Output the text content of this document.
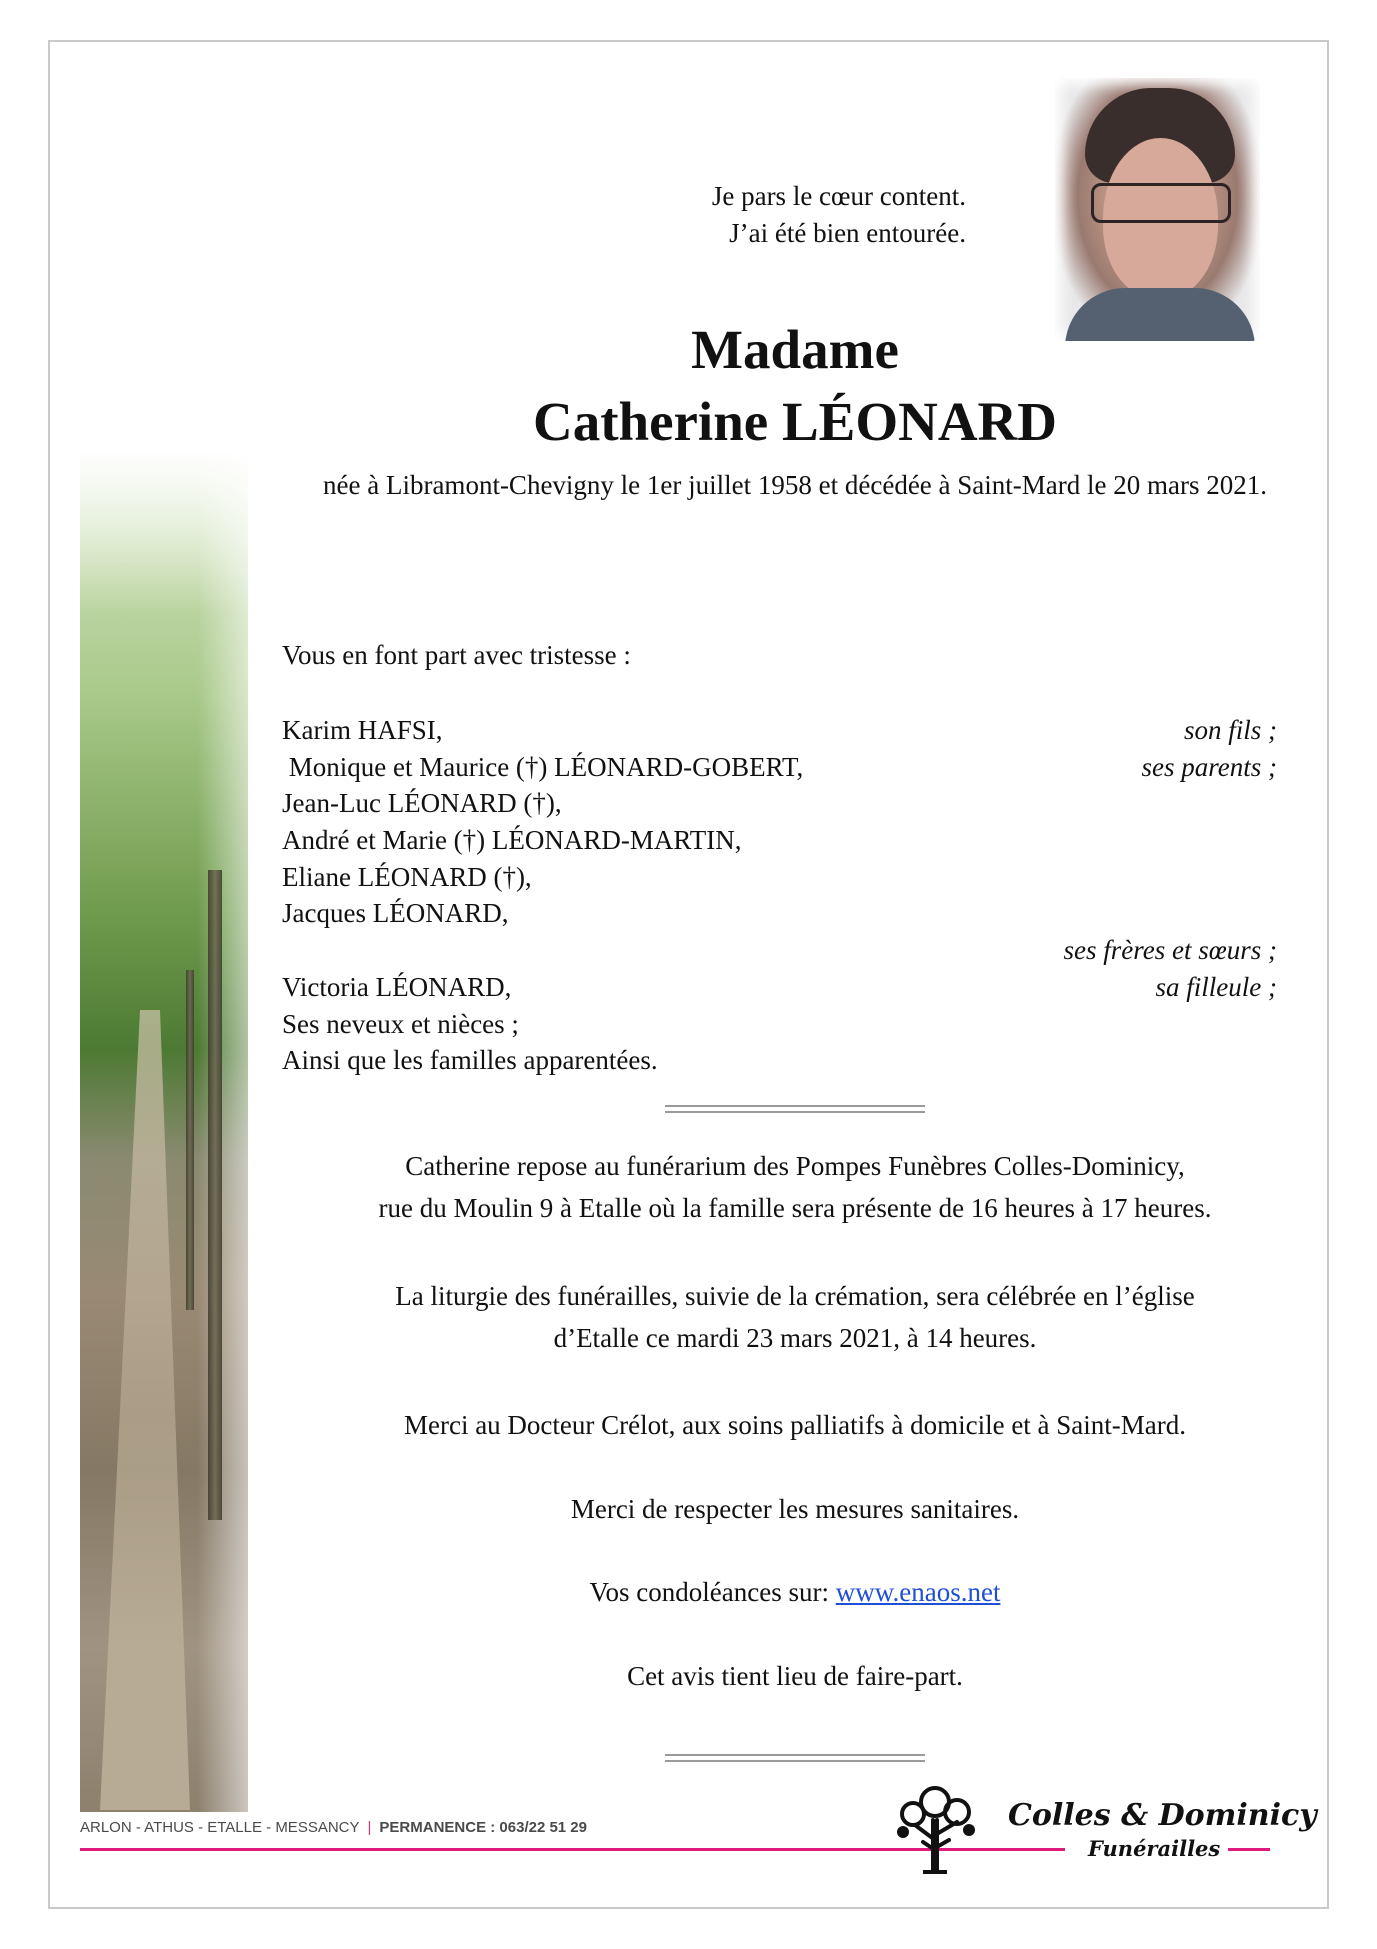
Je pars le cœur content.
J’ai été bien entourée.
Madame
Catherine LÉONARD
née à Libramont-Chevigny le 1er juillet 1958 et décédée à Saint-Mard le 20 mars 2021.
Vous en font part avec tristesse :
Karim HAFSI,	son fils ;
Monique et Maurice (†) LÉONARD-GOBERT,	ses parents ;
Jean-Luc LÉONARD (†),
André et Marie (†) LÉONARD-MARTIN,
Eliane LÉONARD (†),
Jacques LÉONARD,
ses frères et sœurs ;
Victoria LÉONARD,	sa filleule ;
Ses neveux et nièces ;
Ainsi que les familles apparentées.
Catherine repose au funérarium des Pompes Funèbres Colles-Dominicy,
rue du Moulin 9 à Etalle où la famille sera présente de 16 heures à 17 heures.
La liturgie des funérailles, suivie de la crémation, sera célébrée en l’église
d’Etalle ce mardi 23 mars 2021, à 14 heures.
Merci au Docteur Crélot, aux soins palliatifs à domicile et à Saint-Mard.
Merci de respecter les mesures sanitaires.
Vos condoléances sur: www.enaos.net
Cet avis tient lieu de faire-part.
ARLON - ATHUS - ETALLE - MESSANCY | PERMANENCE : 063/22 51 29	Colles & Dominicy
Funérailles
